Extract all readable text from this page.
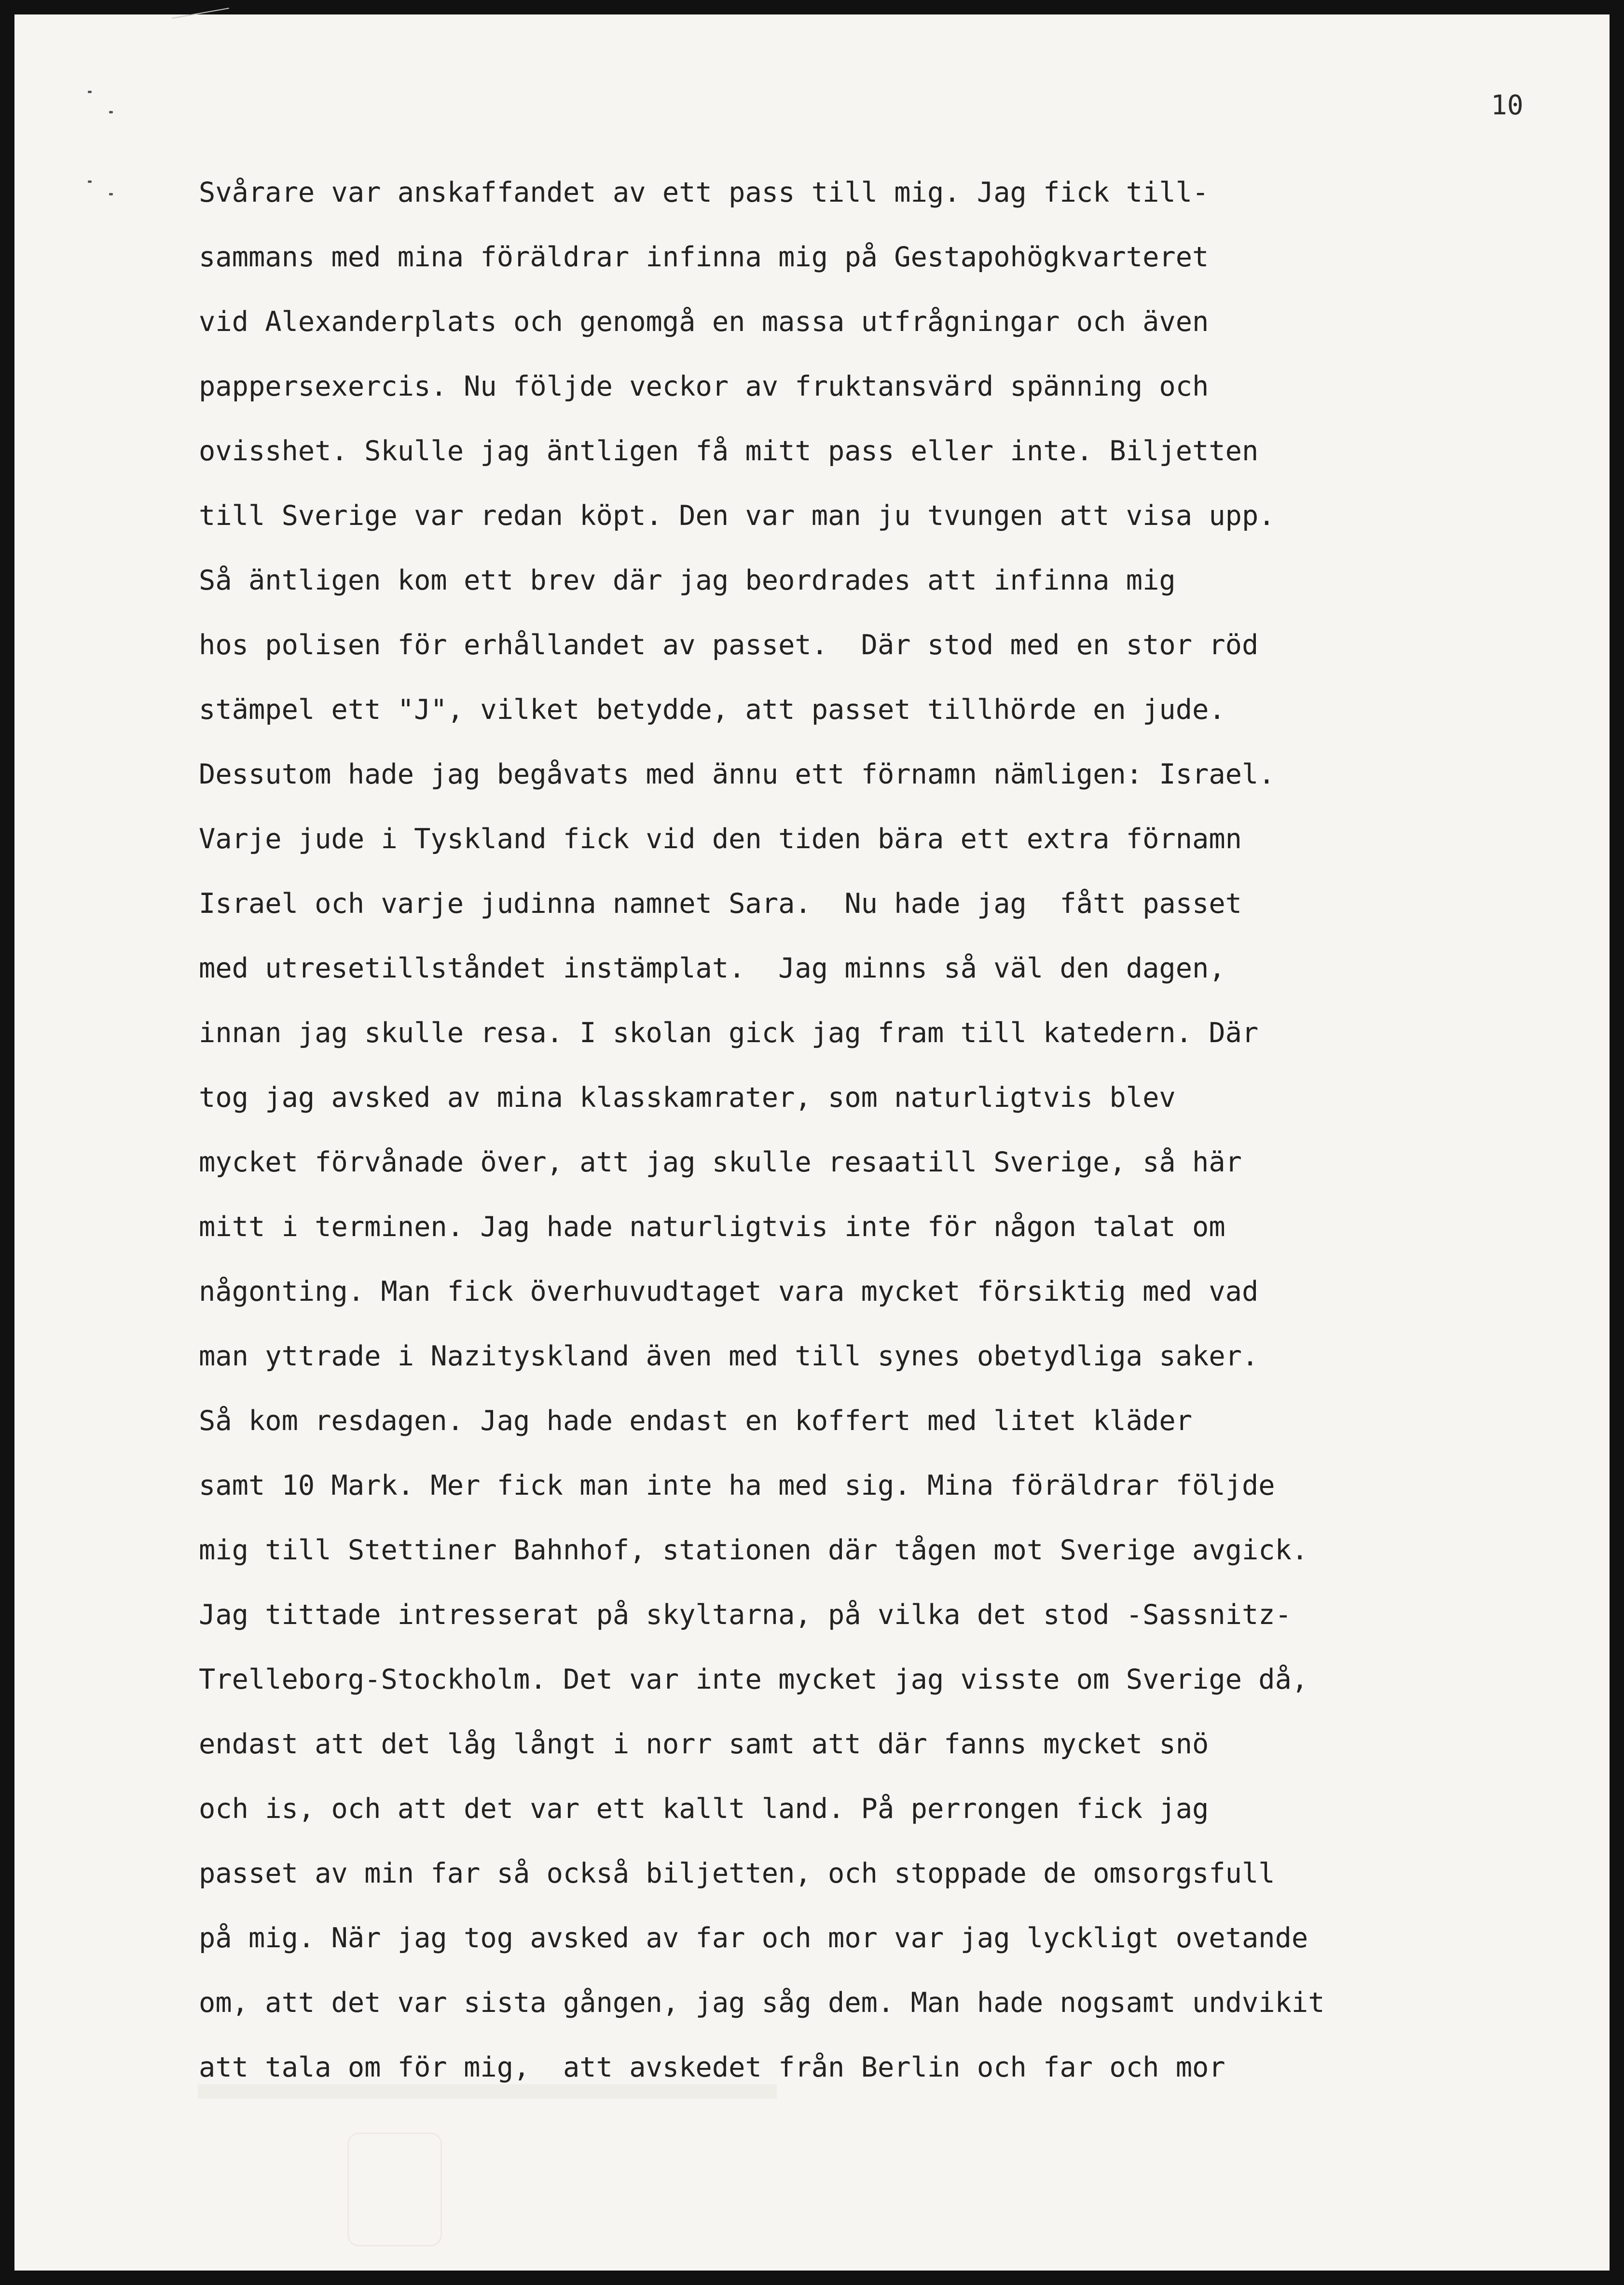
10
Svårare var anskaffandet av ett pass till mig. Jag fick till-
sammans med mina föräldrar infinna mig på Gestapohögkvarteret
vid Alexanderplats och genomgå en massa utfrågningar och även
pappersexercis. Nu följde veckor av fruktansvärd spänning och
ovisshet. Skulle jag äntligen få mitt pass eller inte. Biljetten
till Sverige var redan köpt. Den var man ju tvungen att visa upp.
Så äntligen kom ett brev där jag beordrades att infinna mig
hos polisen för erhållandet av passet.  Där stod med en stor röd
stämpel ett "J", vilket betydde, att passet tillhörde en jude.
Dessutom hade jag begåvats med ännu ett förnamn nämligen: Israel.
Varje jude i Tyskland fick vid den tiden bära ett extra förnamn
Israel och varje judinna namnet Sara.  Nu hade jag  fått passet
med utresetillståndet instämplat.  Jag minns så väl den dagen,
innan jag skulle resa. I skolan gick jag fram till katedern. Där
tog jag avsked av mina klasskamrater, som naturligtvis blev
mycket förvånade över, att jag skulle resaatill Sverige, så här
mitt i terminen. Jag hade naturligtvis inte för någon talat om
någonting. Man fick överhuvudtaget vara mycket försiktig med vad
man yttrade i Nazityskland även med till synes obetydliga saker.
Så kom resdagen. Jag hade endast en koffert med litet kläder
samt 10 Mark. Mer fick man inte ha med sig. Mina föräldrar följde
mig till Stettiner Bahnhof, stationen där tågen mot Sverige avgick.
Jag tittade intresserat på skyltarna, på vilka det stod -Sassnitz-
Trelleborg-Stockholm. Det var inte mycket jag visste om Sverige då,
endast att det låg långt i norr samt att där fanns mycket snö
och is, och att det var ett kallt land. På perrongen fick jag
passet av min far så också biljetten, och stoppade de omsorgsfull
på mig. När jag tog avsked av far och mor var jag lyckligt ovetande
om, att det var sista gången, jag såg dem. Man hade nogsamt undvikit
att tala om för mig,  att avskedet från Berlin och far och mor
